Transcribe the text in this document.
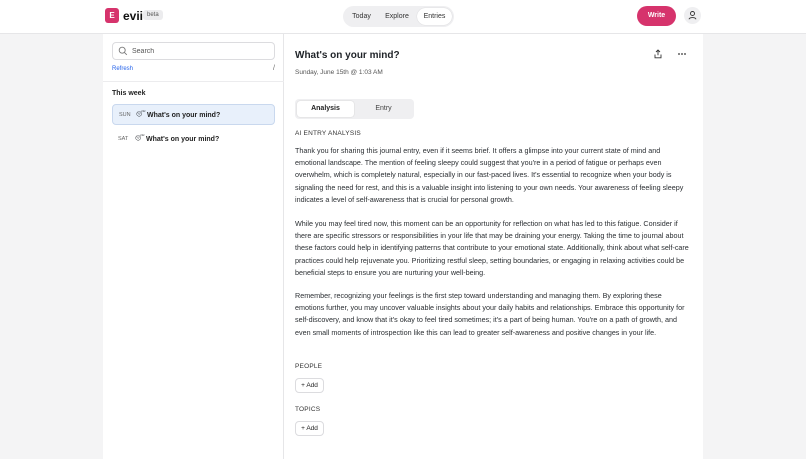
E evii beta	Today	Explore	Entries	Write
Search
Refresh	/
This week
SUN 😴 What's on your mind?
SAT 😴 What's on your mind?
What's on your mind?
Sunday, June 15th @ 1:03 AM
Analysis	Entry
AI ENTRY ANALYSIS
Thank you for sharing this journal entry, even if it seems brief. It offers a glimpse into your current state of mind and emotional landscape. The mention of feeling sleepy could suggest that you're in a period of fatigue or perhaps even overwhelm, which is completely natural, especially in our fast-paced lives. It's essential to recognize when your body is signaling the need for rest, and this is a valuable insight into listening to your own needs. Your awareness of feeling sleepy indicates a level of self-awareness that is crucial for personal growth.
While you may feel tired now, this moment can be an opportunity for reflection on what has led to this fatigue. Consider if there are specific stressors or responsibilities in your life that may be draining your energy. Taking the time to journal about these factors could help in identifying patterns that contribute to your emotional state. Additionally, think about what self-care practices could help rejuvenate you. Prioritizing restful sleep, setting boundaries, or engaging in relaxing activities could be beneficial steps to ensure you are nurturing your well-being.
Remember, recognizing your feelings is the first step toward understanding and managing them. By exploring these emotions further, you may uncover valuable insights about your daily habits and relationships. Embrace this opportunity for self-discovery, and know that it's okay to feel tired sometimes; it's a part of being human. You're on a path of growth, and even small moments of introspection like this can lead to greater self-awareness and positive changes in your life.
PEOPLE
+ Add
TOPICS
+ Add
